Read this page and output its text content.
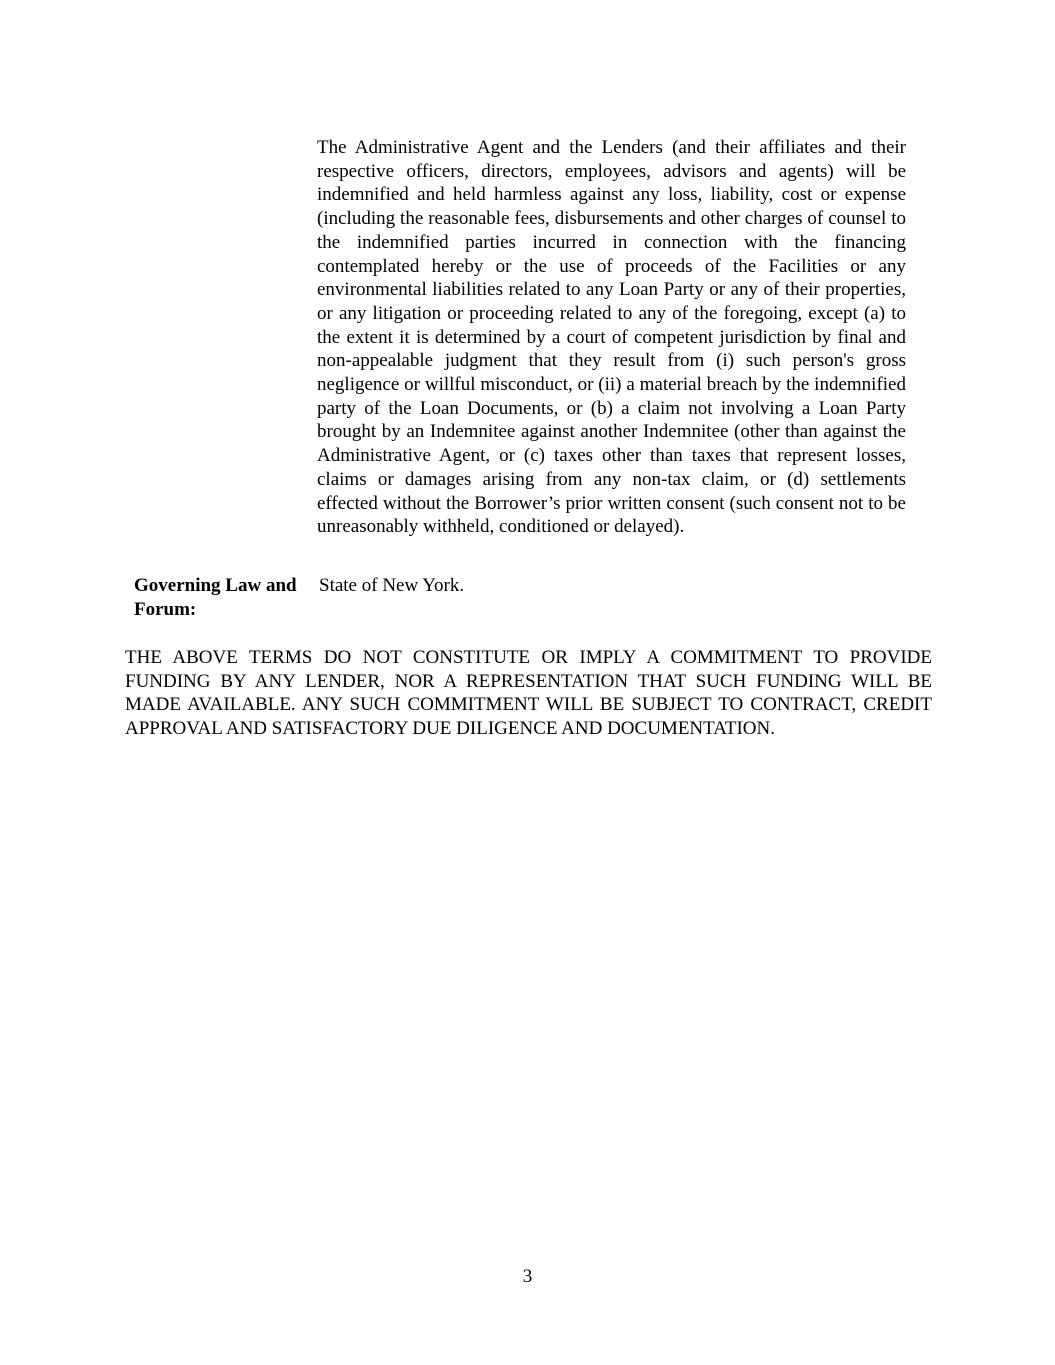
The Administrative Agent and the Lenders (and their affiliates and their respective officers, directors, employees, advisors and agents) will be indemnified and held harmless against any loss, liability, cost or expense (including the reasonable fees, disbursements and other charges of counsel to the indemnified parties incurred in connection with the financing contemplated hereby or the use of proceeds of the Facilities or any environmental liabilities related to any Loan Party or any of their properties, or any litigation or proceeding related to any of the foregoing, except (a) to the extent it is determined by a court of competent jurisdiction by final and non-appealable judgment that they result from (i) such person's gross negligence or willful misconduct, or (ii) a material breach by the indemnified party of the Loan Documents, or (b) a claim not involving a Loan Party brought by an Indemnitee against another Indemnitee (other than against the Administrative Agent, or (c) taxes other than taxes that represent losses, claims or damages arising from any non-tax claim, or (d) settlements effected without the Borrower’s prior written consent (such consent not to be unreasonably withheld, conditioned or delayed).

Governing Law and Forum:

State of New York.

THE ABOVE TERMS DO NOT CONSTITUTE OR IMPLY A COMMITMENT TO PROVIDE FUNDING BY ANY LENDER, NOR A REPRESENTATION THAT SUCH FUNDING WILL BE MADE AVAILABLE. ANY SUCH COMMITMENT WILL BE SUBJECT TO CONTRACT, CREDIT APPROVAL AND SATISFACTORY DUE DILIGENCE AND DOCUMENTATION.

3
